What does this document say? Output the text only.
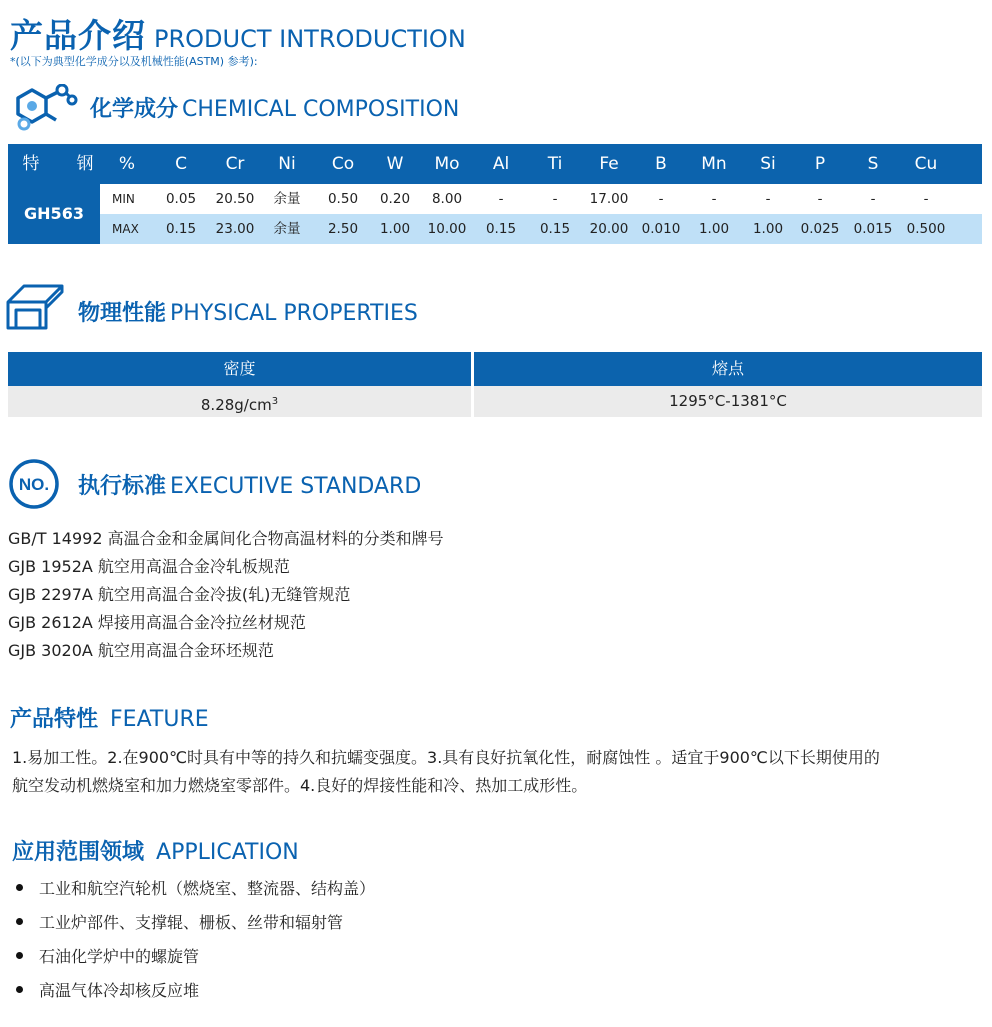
产品介绍 PRODUCT INTRODUCTION
*(以下为典型化学成分以及机械性能(ASTM) 参考):
化学成分 CHEMICAL COMPOSITION
特	钢	%	C	Cr	Ni	Co	W	Mo	Al	Ti	Fe	B	Mn	Si	P	S	Cu
GH563
MIN	0.05	20.50	余量	0.50	0.20	8.00	-	-	17.00	-	-	-	-	-	-
MAX	0.15	23.00	余量	2.50	1.00	10.00	0.15	0.15	20.00 0.010	1.00	1.00	0.025	0.015	0.500
物理性能 PHYSICAL PROPERTIES
密度	熔点
$8.28g/cm^3$	1295°C-1381°C
NO. 执行标准 EXECUTIVE STANDARD
GB/T 14992 高温合金和金属间化合物高温材料的分类和牌号
GJB 1952A 航空用高温合金冷轧板规范
GJB 2297A 航空用高温合金冷拔(轧)无缝管规范
GJB 2612A 焊接用高温合金冷拉丝材规范
GJB 3020A 航空用高温合金环坯规范
产品特性 FEATURE
1.易加工性。2.在900℃时具有中等的持久和抗蠕变强度。3.具有良好抗氧化性，耐腐蚀性 。适宜于900℃以下长期使用的
航空发动机燃烧室和加力燃烧室零部件。4.良好的焊接性能和冷、热加工成形性。
应用范围领域 APPLICATION
工业和航空汽轮机（燃烧室、整流器、结构盖）
工业炉部件、支撑辊、栅板、丝带和辐射管
石油化学炉中的螺旋管
高温气体冷却核反应堆
